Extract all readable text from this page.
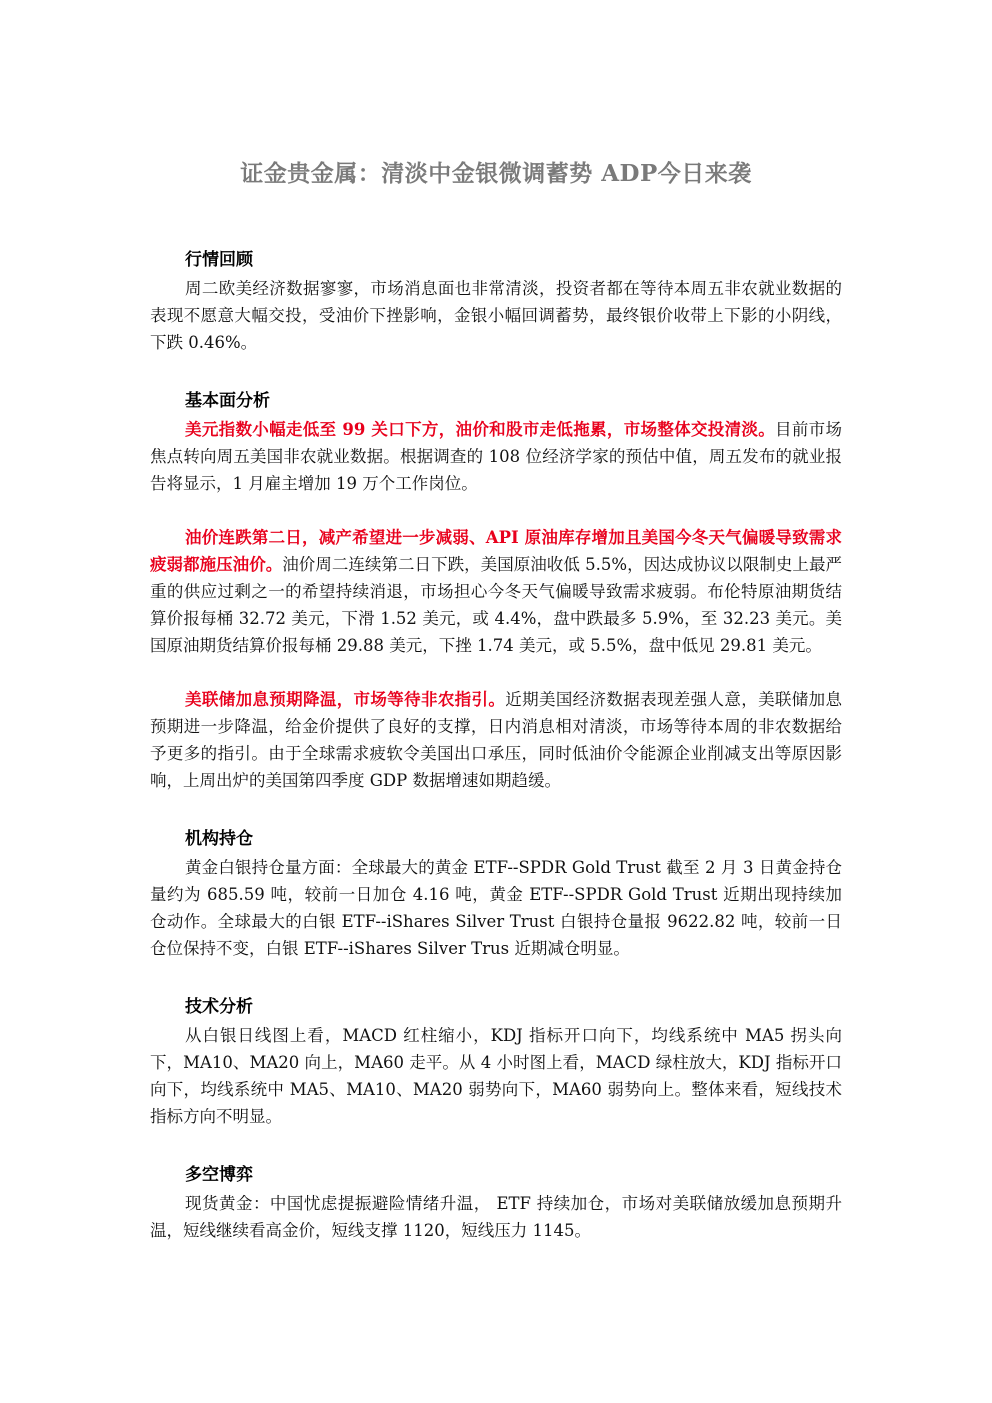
证金贵金属：清淡中金银微调蓄势 ADP今日来袭
行情回顾

周二欧美经济数据寥寥，市场消息面也非常清淡，投资者都在等待本周五非农就业数据的表现不愿意大幅交投，受油价下挫影响，金银小幅回调蓄势，最终银价收带上下影的小阴线，下跌 0.46%。

基本面分析

美元指数小幅走低至 99 关口下方，油价和股市走低拖累，市场整体交投清淡。目前市场焦点转向周五美国非农就业数据。根据调查的 108 位经济学家的预估中值，周五发布的就业报告将显示，1 月雇主增加 19 万个工作岗位。

油价连跌第二日，减产希望进一步减弱、API 原油库存增加且美国今冬天气偏暖导致需求疲弱都施压油价。油价周二连续第二日下跌，美国原油收低 5.5%，因达成协议以限制史上最严重的供应过剩之一的希望持续消退，市场担心今冬天气偏暖导致需求疲弱。布伦特原油期货结算价报每桶 32.72 美元，下滑 1.52 美元，或 4.4%，盘中跌最多 5.9%，至 32.23 美元。美国原油期货结算价报每桶 29.88 美元，下挫 1.74 美元，或 5.5%，盘中低见 29.81 美元。

美联储加息预期降温，市场等待非农指引。近期美国经济数据表现差强人意，美联储加息预期进一步降温，给金价提供了良好的支撑，日内消息相对清淡，市场等待本周的非农数据给予更多的指引。由于全球需求疲软令美国出口承压，同时低油价令能源企业削减支出等原因影响，上周出炉的美国第四季度 GDP 数据增速如期趋缓。

机构持仓

黄金白银持仓量方面：全球最大的黄金 ETF--SPDR Gold Trust 截至 2 月 3 日黄金持仓量约为 685.59 吨，较前一日加仓 4.16 吨，黄金 ETF--SPDR Gold Trust 近期出现持续加仓动作。全球最大的白银 ETF--iShares Silver Trust 白银持仓量报 9622.82 吨，较前一日仓位保持不变，白银 ETF--iShares Silver Trus 近期减仓明显。

技术分析

从白银日线图上看，MACD 红柱缩小，KDJ 指标开口向下，均线系统中 MA5 拐头向下，MA10、MA20 向上，MA60 走平。从 4 小时图上看，MACD 绿柱放大，KDJ 指标开口向下，均线系统中 MA5、MA10、MA20 弱势向下，MA60 弱势向上。整体来看，短线技术指标方向不明显。

多空博弈

现货黄金：中国忧虑提振避险情绪升温， ETF 持续加仓，市场对美联储放缓加息预期升温，短线继续看高金价，短线支撑 1120，短线压力 1145。
